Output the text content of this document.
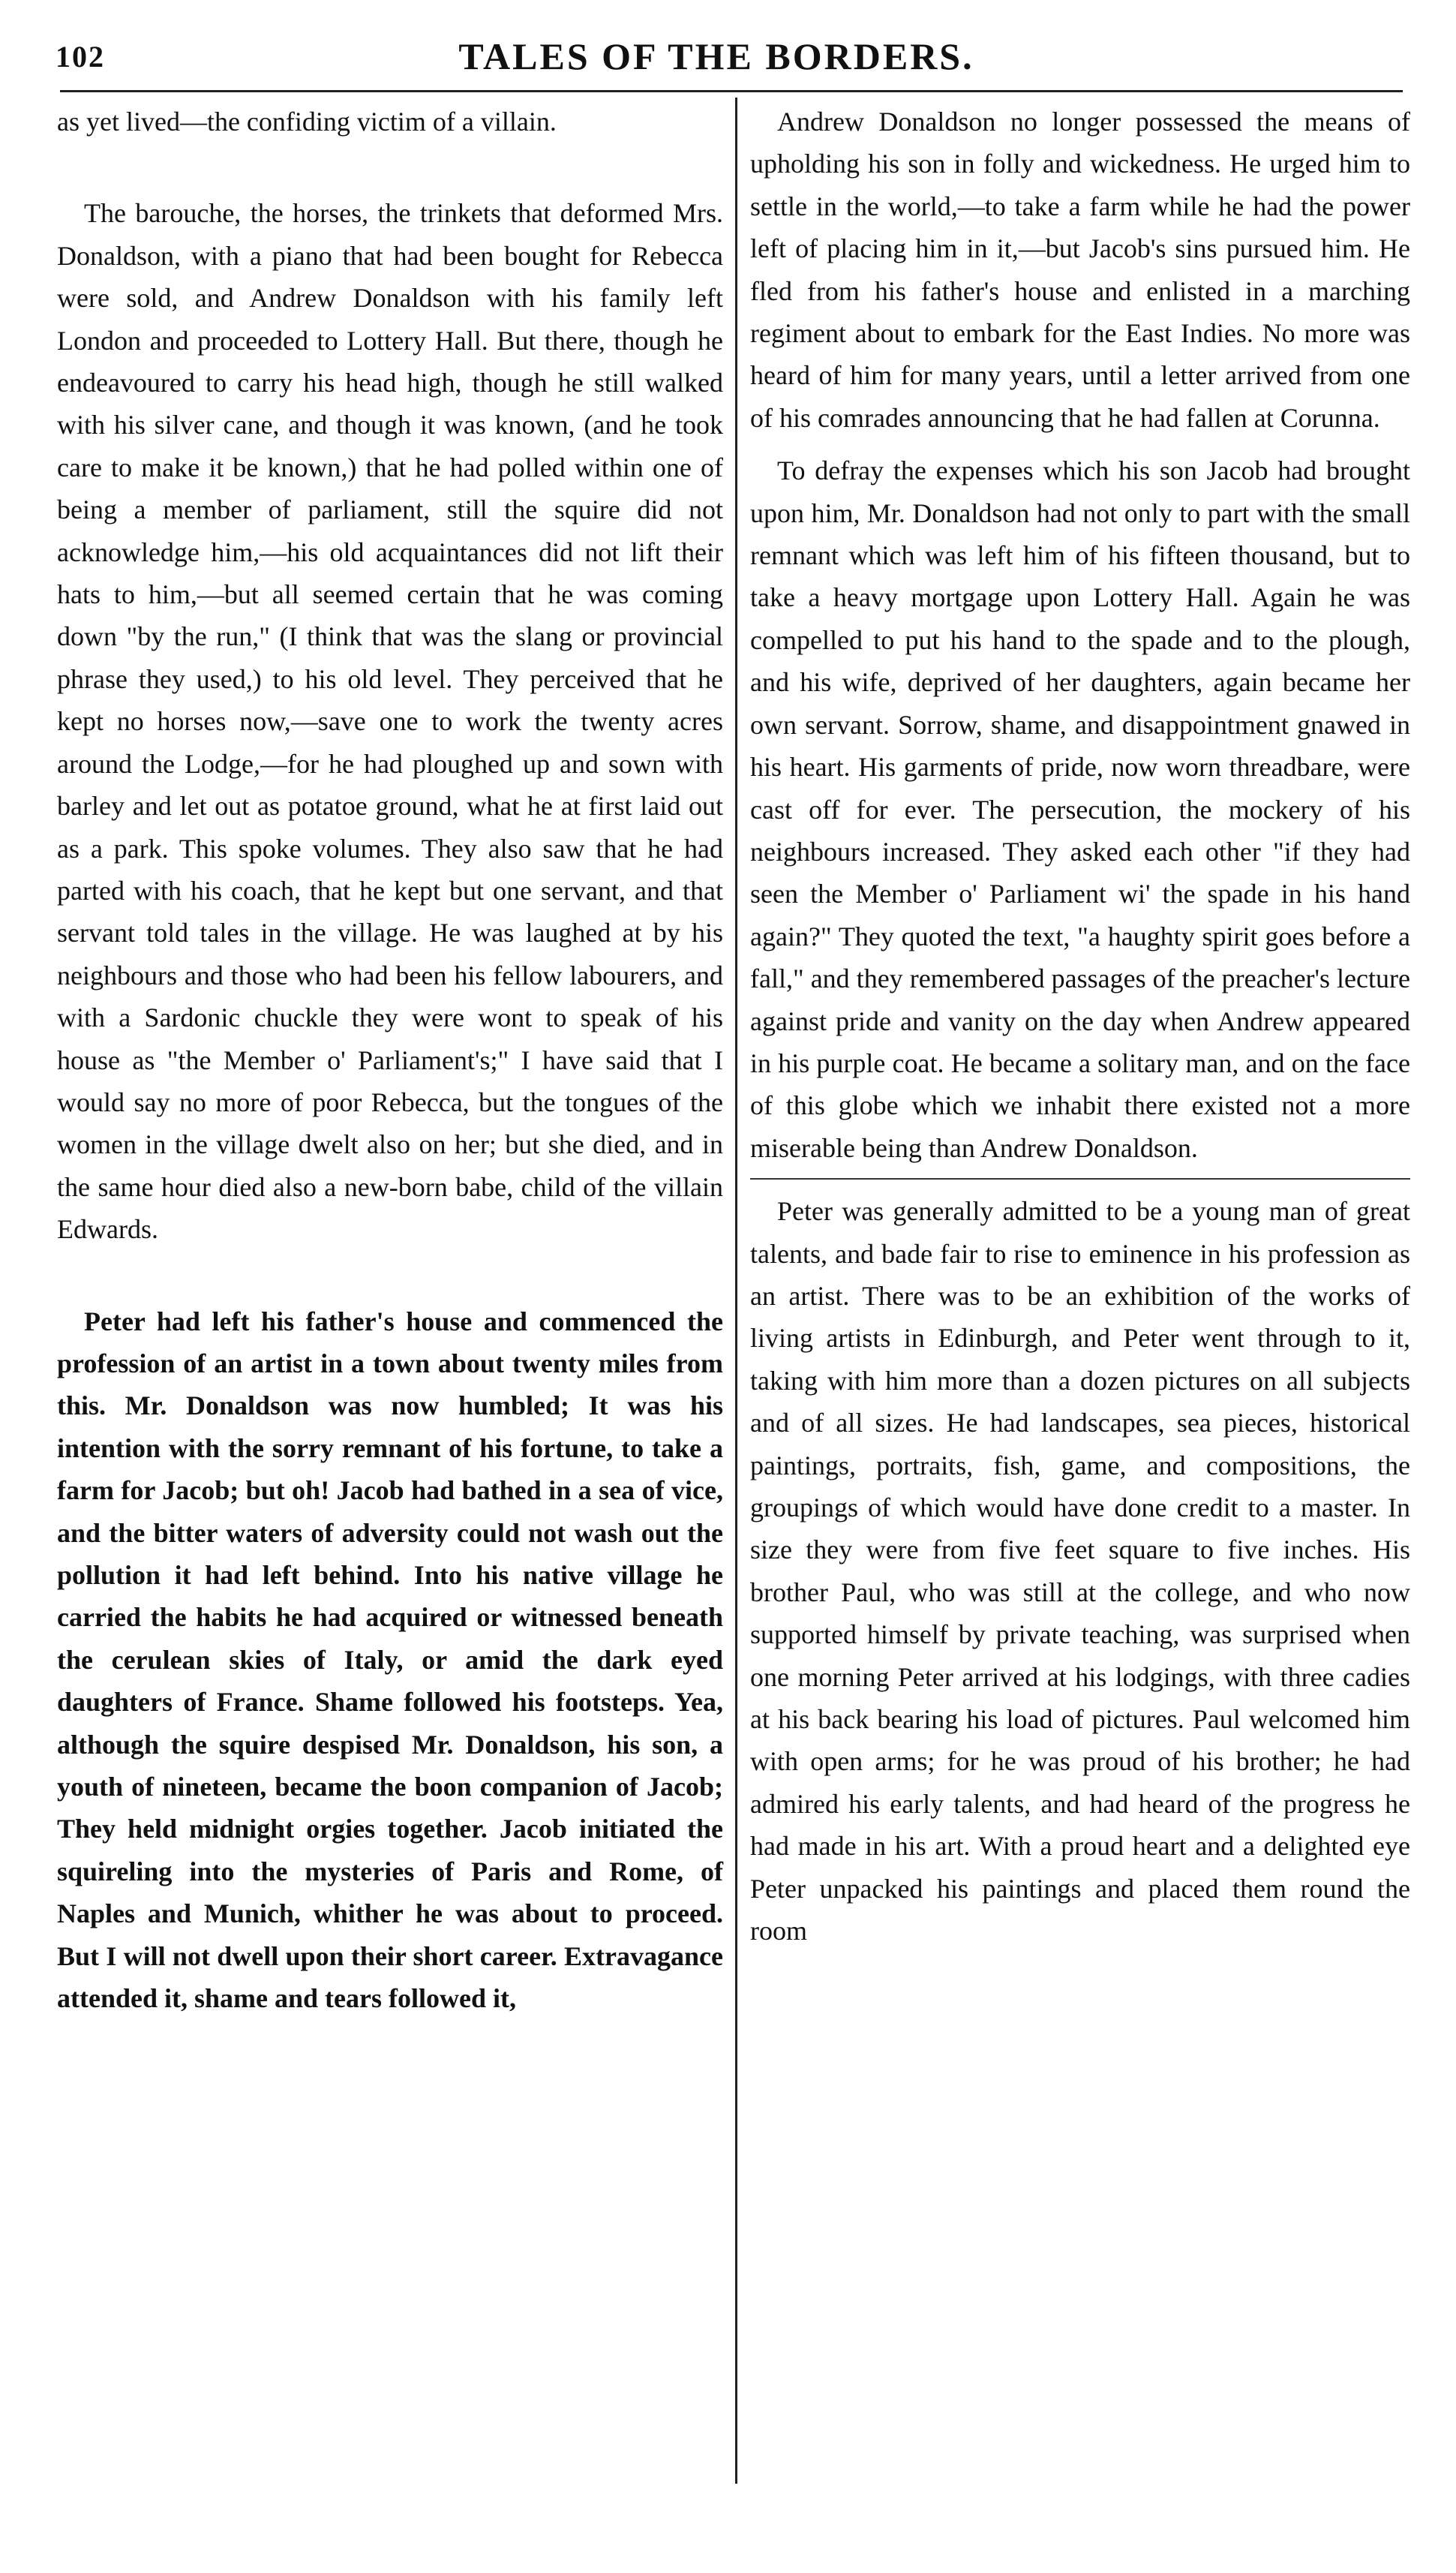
102	TALES OF THE BORDERS.

as yet lived—the confiding victim of a villain.

The barouche, the horses, the trinkets that deformed Mrs. Donaldson, with a piano that had been bought for Rebecca were sold, and Andrew Donaldson with his family left London and proceeded to Lottery Hall. But there, though he endeavoured to carry his head high, though he still walked with his silver cane, and though it was known, (and he took care to make it be known,) that he had polled within one of being a member of parliament, still the squire did not acknowledge him,—his old acquaintances did not lift their hats to him,—but all seemed certain that he was coming down "by the run," (I think that was the slang or provincial phrase they used,) to his old level. They perceived that he kept no horses now,—save one to work the twenty acres around the Lodge,—for he had ploughed up and sown with barley and let out as potatoe ground, what he at first laid out as a park. This spoke volumes. They also saw that he had parted with his coach, that he kept but one servant, and that servant told tales in the village. He was laughed at by his neighbours and those who had been his fellow labourers, and with a Sardonic chuckle they were wont to speak of his house as "the Member o' Parliament's;" I have said that I would say no more of poor Rebecca, but the tongues of the women in the village dwelt also on her; but she died, and in the same hour died also a new-born babe, child of the villain Edwards.

Peter had left his father's house and commenced the profession of an artist in a town about twenty miles from this. Mr. Donaldson was now humbled; It was his intention with the sorry remnant of his fortune, to take a farm for Jacob; but oh! Jacob had bathed in a sea of vice, and the bitter waters of adversity could not wash out the pollution it had left behind. Into his native village he carried the habits he had acquired or witnessed beneath the cerulean skies of Italy, or amid the dark eyed daughters of France. Shame followed his footsteps. Yea, although the squire despised Mr. Donaldson, his son, a youth of nineteen, became the boon companion of Jacob; They held midnight orgies together. Jacob initiated the squireling into the mysteries of Paris and Rome, of Naples and Munich, whither he was about to proceed. But I will not dwell upon their short career. Extravagance attended it, shame and tears followed it,

Andrew Donaldson no longer possessed the means of upholding his son in folly and wickedness. He urged him to settle in the world,—to take a farm while he had the power left of placing him in it,—but Jacob's sins pursued him. He fled from his father's house and enlisted in a marching regiment about to embark for the East Indies. No more was heard of him for many years, until a letter arrived from one of his comrades announcing that he had fallen at Corunna.

To defray the expenses which his son Jacob had brought upon him, Mr. Donaldson had not only to part with the small remnant which was left him of his fifteen thousand, but to take a heavy mortgage upon Lottery Hall. Again he was compelled to put his hand to the spade and to the plough, and his wife, deprived of her daughters, again became her own servant. Sorrow, shame, and disappointment gnawed in his heart. His garments of pride, now worn threadbare, were cast off for ever. The persecution, the mockery of his neighbours increased. They asked each other "if they had seen the Member o' Parliament wi' the spade in his hand again?" They quoted the text, "a haughty spirit goes before a fall," and they remembered passages of the preacher's lecture against pride and vanity on the day when Andrew appeared in his purple coat. He became a solitary man, and on the face of this globe which we inhabit there existed not a more miserable being than Andrew Donaldson.

Peter was generally admitted to be a young man of great talents, and bade fair to rise to eminence in his profession as an artist. There was to be an exhibition of the works of living artists in Edinburgh, and Peter went through to it, taking with him more than a dozen pictures on all subjects and of all sizes. He had landscapes, sea pieces, historical paintings, portraits, fish, game, and compositions, the groupings of which would have done credit to a master. In size they were from five feet square to five inches. His brother Paul, who was still at the college, and who now supported himself by private teaching, was surprised when one morning Peter arrived at his lodgings, with three cadies at his back bearing his load of pictures. Paul welcomed him with open arms; for he was proud of his brother; he had admired his early talents, and had heard of the progress he had made in his art. With a proud heart and a delighted eye Peter unpacked his paintings and placed them round the room
